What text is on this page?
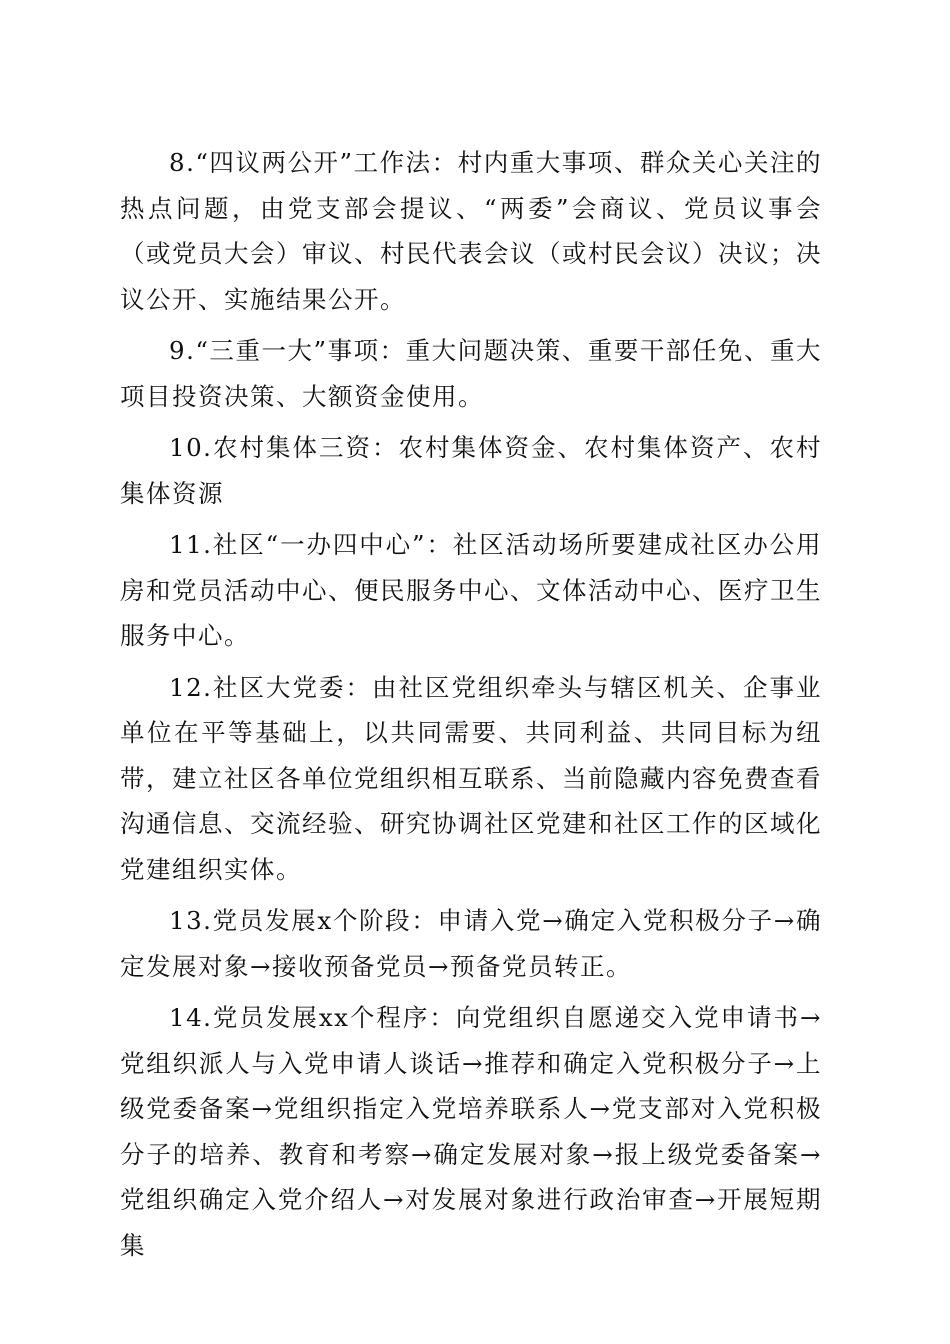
8.“四议两公开”工作法：村内重大事项、群众关心关注的热点问题，由党支部会提议、“两委”会商议、党员议事会（或党员大会）审议、村民代表会议（或村民会议）决议；决议公开、实施结果公开。

9.“三重一大”事项：重大问题决策、重要干部任免、重大项目投资决策、大额资金使用。

10.农村集体三资：农村集体资金、农村集体资产、农村集体资源

11.社区“一办四中心”：社区活动场所要建成社区办公用房和党员活动中心、便民服务中心、文体活动中心、医疗卫生服务中心。

12.社区大党委：由社区党组织牵头与辖区机关、企事业单位在平等基础上，以共同需要、共同利益、共同目标为纽带，建立社区各单位党组织相互联系、当前隐藏内容免费查看沟通信息、交流经验、研究协调社区党建和社区工作的区域化党建组织实体。

13.党员发展x个阶段：申请入党→确定入党积极分子→确定发展对象→接收预备党员→预备党员转正。

14.党员发展xx个程序：向党组织自愿递交入党申请书→党组织派人与入党申请人谈话→推荐和确定入党积极分子→上级党委备案→党组织指定入党培养联系人→党支部对入党积极分子的培养、教育和考察→确定发展对象→报上级党委备案→党组织确定入党介绍人→对发展对象进行政治审查→开展短期集
